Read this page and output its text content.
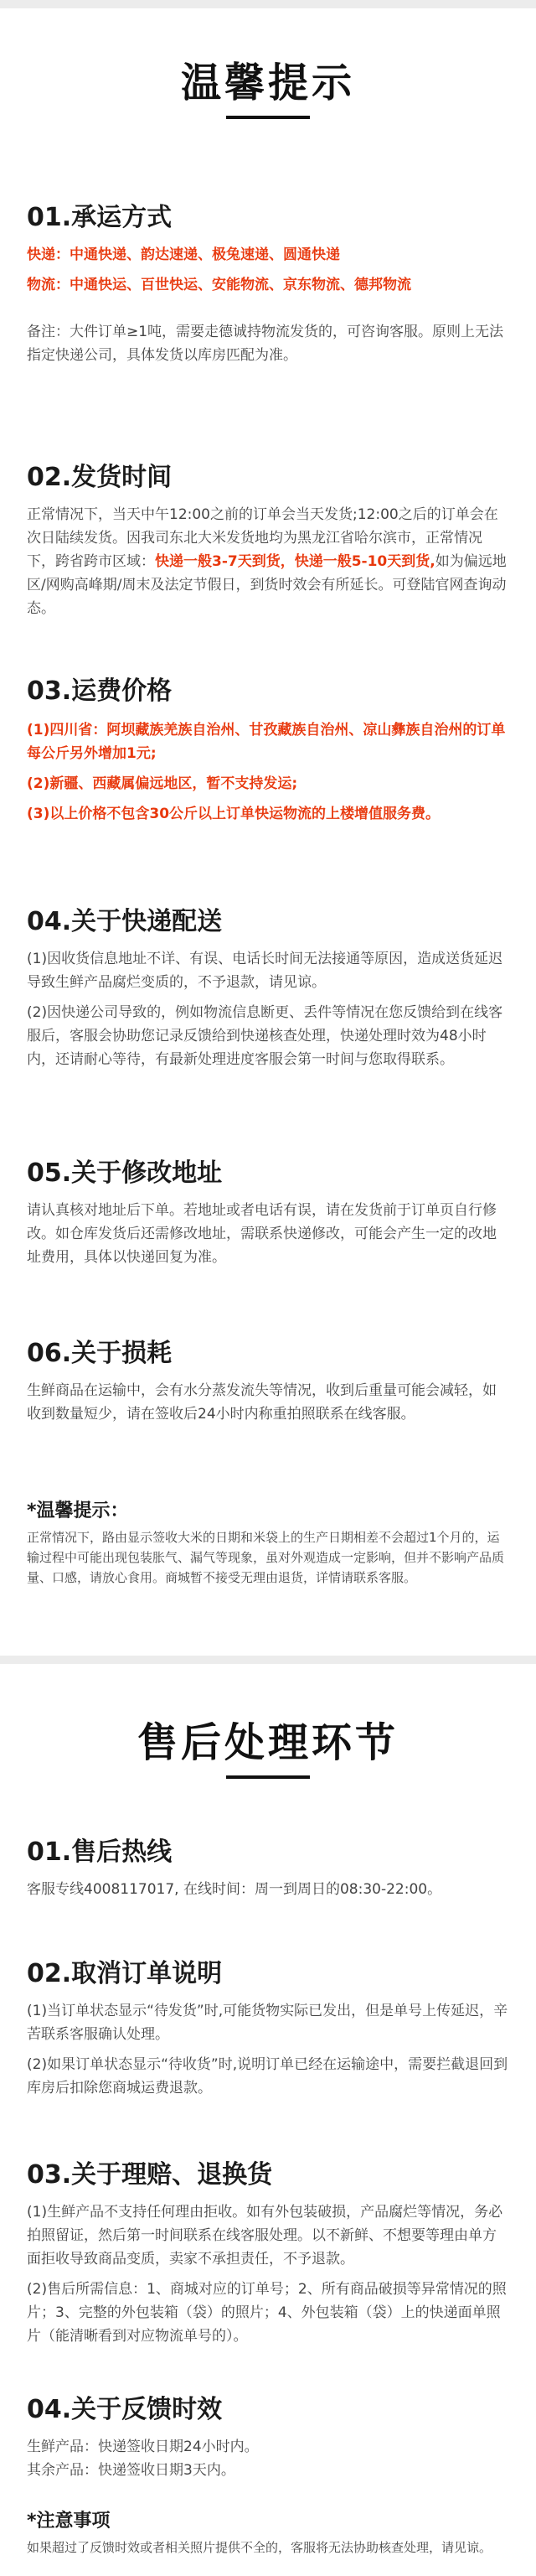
温馨提示
01.承运方式
快递：中通快递、韵达速递、极兔速递、圆通快递
物流：中通快运、百世快运、安能物流、京东物流、德邦物流
备注：大件订单≥1吨，需要走德诚持物流发货的，可咨询客服。原则上无法指定快递公司，具体发货以库房匹配为准。
02.发货时间
正常情况下，当天中午12:00之前的订单会当天发货;12:00之后的订单会在次日陆续发货。因我司东北大米发货地均为黑龙江省哈尔滨市，正常情况下，跨省跨市区域：快递一般3-7天到货，快递一般5-10天到货,如为偏远地区/网购高峰期/周末及法定节假日，到货时效会有所延长。可登陆官网查询动态。
03.运费价格
(1)四川省：阿坝藏族羌族自治州、甘孜藏族自治州、凉山彝族自治州的订单每公斤另外增加1元;
(2)新疆、西藏属偏远地区，暂不支持发运;
(3)以上价格不包含30公斤以上订单快运物流的上楼增值服务费。
04.关于快递配送
(1)因收货信息地址不详、有误、电话长时间无法接通等原因，造成送货延迟导致生鲜产品腐烂变质的，不予退款，请见谅。
(2)因快递公司导致的，例如物流信息断更、丢件等情况在您反馈给到在线客服后，客服会协助您记录反馈给到快递核查处理，快递处理时效为48小时内，还请耐心等待，有最新处理进度客服会第一时间与您取得联系。
05.关于修改地址
请认真核对地址后下单。若地址或者电话有误，请在发货前于订单页自行修改。如仓库发货后还需修改地址，需联系快递修改，可能会产生一定的改地址费用，具体以快递回复为准。
06.关于损耗
生鲜商品在运输中，会有水分蒸发流失等情况，收到后重量可能会减轻，如收到数量短少，请在签收后24小时内称重拍照联系在线客服。
*温馨提示：
正常情况下，路由显示签收大米的日期和米袋上的生产日期相差不会超过1个月的，运输过程中可能出现包装胀气、漏气等现象，虽对外观造成一定影响，但并不影响产品质量、口感，请放心食用。商城暂不接受无理由退货，详情请联系客服。
售后处理环节
01.售后热线
客服专线4008117017, 在线时间：周一到周日的08:30-22:00。
02.取消订单说明
(1)当订单状态显示“待发货”时,可能货物实际已发出，但是单号上传延迟，辛苦联系客服确认处理。
(2)如果订单状态显示“待收货”时,说明订单已经在运输途中，需要拦截退回到库房后扣除您商城运费退款。
03.关于理赔、退换货
(1)生鲜产品不支持任何理由拒收。如有外包装破损，产品腐烂等情况，务必拍照留证，然后第一时间联系在线客服处理。以不新鲜、不想要等理由单方面拒收导致商品变质，卖家不承担责任，不予退款。
(2)售后所需信息：1、商城对应的订单号；2、所有商品破损等异常情况的照片；3、完整的外包装箱（袋）的照片；4、外包装箱（袋）上的快递面单照片（能清晰看到对应物流单号的）。
04.关于反馈时效
生鲜产品：快递签收日期24小时内。
其余产品：快递签收日期3天内。
*注意事项
如果超过了反馈时效或者相关照片提供不全的，客服将无法协助核查处理，请见谅。
